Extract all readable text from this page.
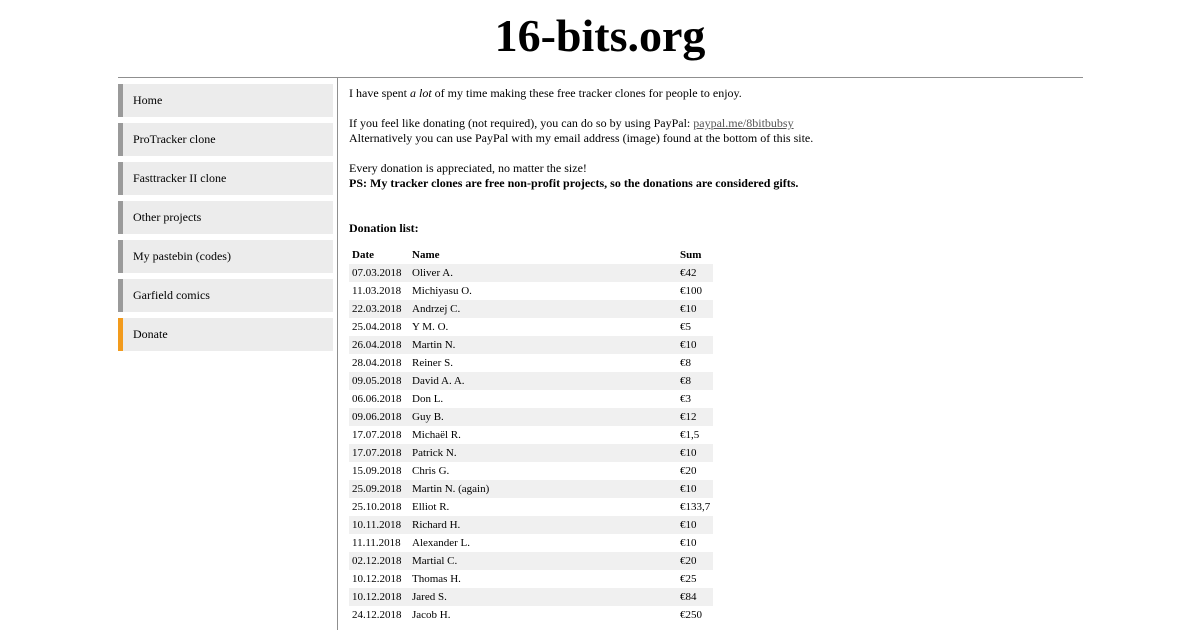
16-bits.org
Home
ProTracker clone
Fasttracker II clone
Other projects
My pastebin (codes)
Garfield comics
Donate

I have spent a lot of my time making these free tracker clones for people to enjoy.

If you feel like donating (not required), you can do so by using PayPal: paypal.me/8bitbubsy

Alternatively you can use PayPal with my email address (image) found at the bottom of this site.

Every donation is appreciated, no matter the size!

PS: My tracker clones are free non-profit projects, so the donations are considered gifts.

Donation list:

Date	Name	Sum
07.03.2018	Oliver A.	€42
11.03.2018	Michiyasu O.	€100
22.03.2018	Andrzej C.	€10
25.04.2018	Y M. O.	€5
26.04.2018	Martin N.	€10
28.04.2018	Reiner S.	€8
09.05.2018	David A. A.	€8
06.06.2018	Don L.	€3
09.06.2018	Guy B.	€12
17.07.2018	Michaël R.	€1,5
17.07.2018	Patrick N.	€10
15.09.2018	Chris G.	€20
25.09.2018	Martin N. (again)	€10
25.10.2018	Elliot R.	€133,7
10.11.2018	Richard H.	€10
11.11.2018	Alexander L.	€10
02.12.2018	Martial C.	€20
10.12.2018	Thomas H.	€25
10.12.2018	Jared S.	€84
24.12.2018	Jacob H.	€250
